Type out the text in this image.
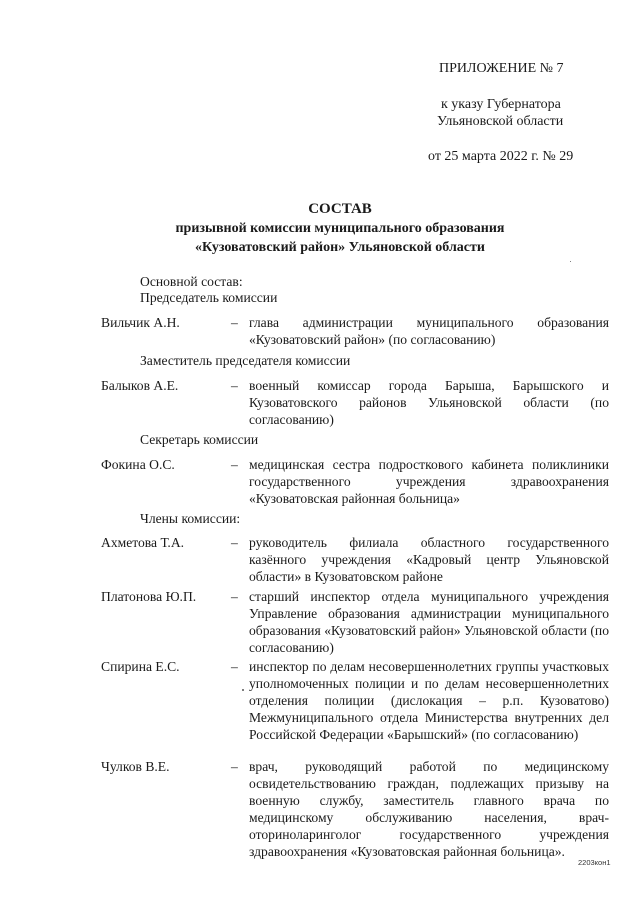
ПРИЛОЖЕНИЕ № 7
к указу Губернатора
Ульяновской области
от 25 марта 2022 г. № 29
СОСТАВ
призывной комиссии муниципального образования
«Кузоватовский район» Ульяновской области
Основной состав:
Председатель комиссии
Вильчик А.Н.	– глава администрации муниципального образования «Кузоватовский район» (по согласованию)
Заместитель председателя комиссии
Балыков А.Е.	– военный комиссар города Барыша, Барышского и Кузоватовского районов Ульяновской области (по согласованию)
Секретарь комиссии
Фокина О.С.	– медицинская сестра подросткового кабинета поликлиники государственного учреждения здравоохранения «Кузоватовская районная больница»
Члены комиссии:
Ахметова Т.А.	– руководитель филиала областного государственного казённого учреждения «Кадровый центр Ульяновской области» в Кузоватовском районе
Платонова Ю.П.	– старший инспектор отдела муниципального учреждения Управление образования администрации муниципального образования «Кузоватовский район» Ульяновской области (по согласованию)
Спирина Е.С.	– инспектор по делам несовершеннолетних группы участковых уполномоченных полиции и по делам несовершеннолетних отделения полиции (дислокация – р.п. Кузоватово) Межмуниципального отдела Министерства внутренних дел Российской Федерации «Барышский» (по согласованию)
Чулков В.Е.	– врач, руководящий работой по медицинскому освидетельствованию граждан, подлежащих призыву на военную службу, заместитель главного врача по медицинскому обслуживанию населения, врач-оториноларинголог государственного учреждения здравоохранения «Кузоватовская районная больница».
2203кон1
